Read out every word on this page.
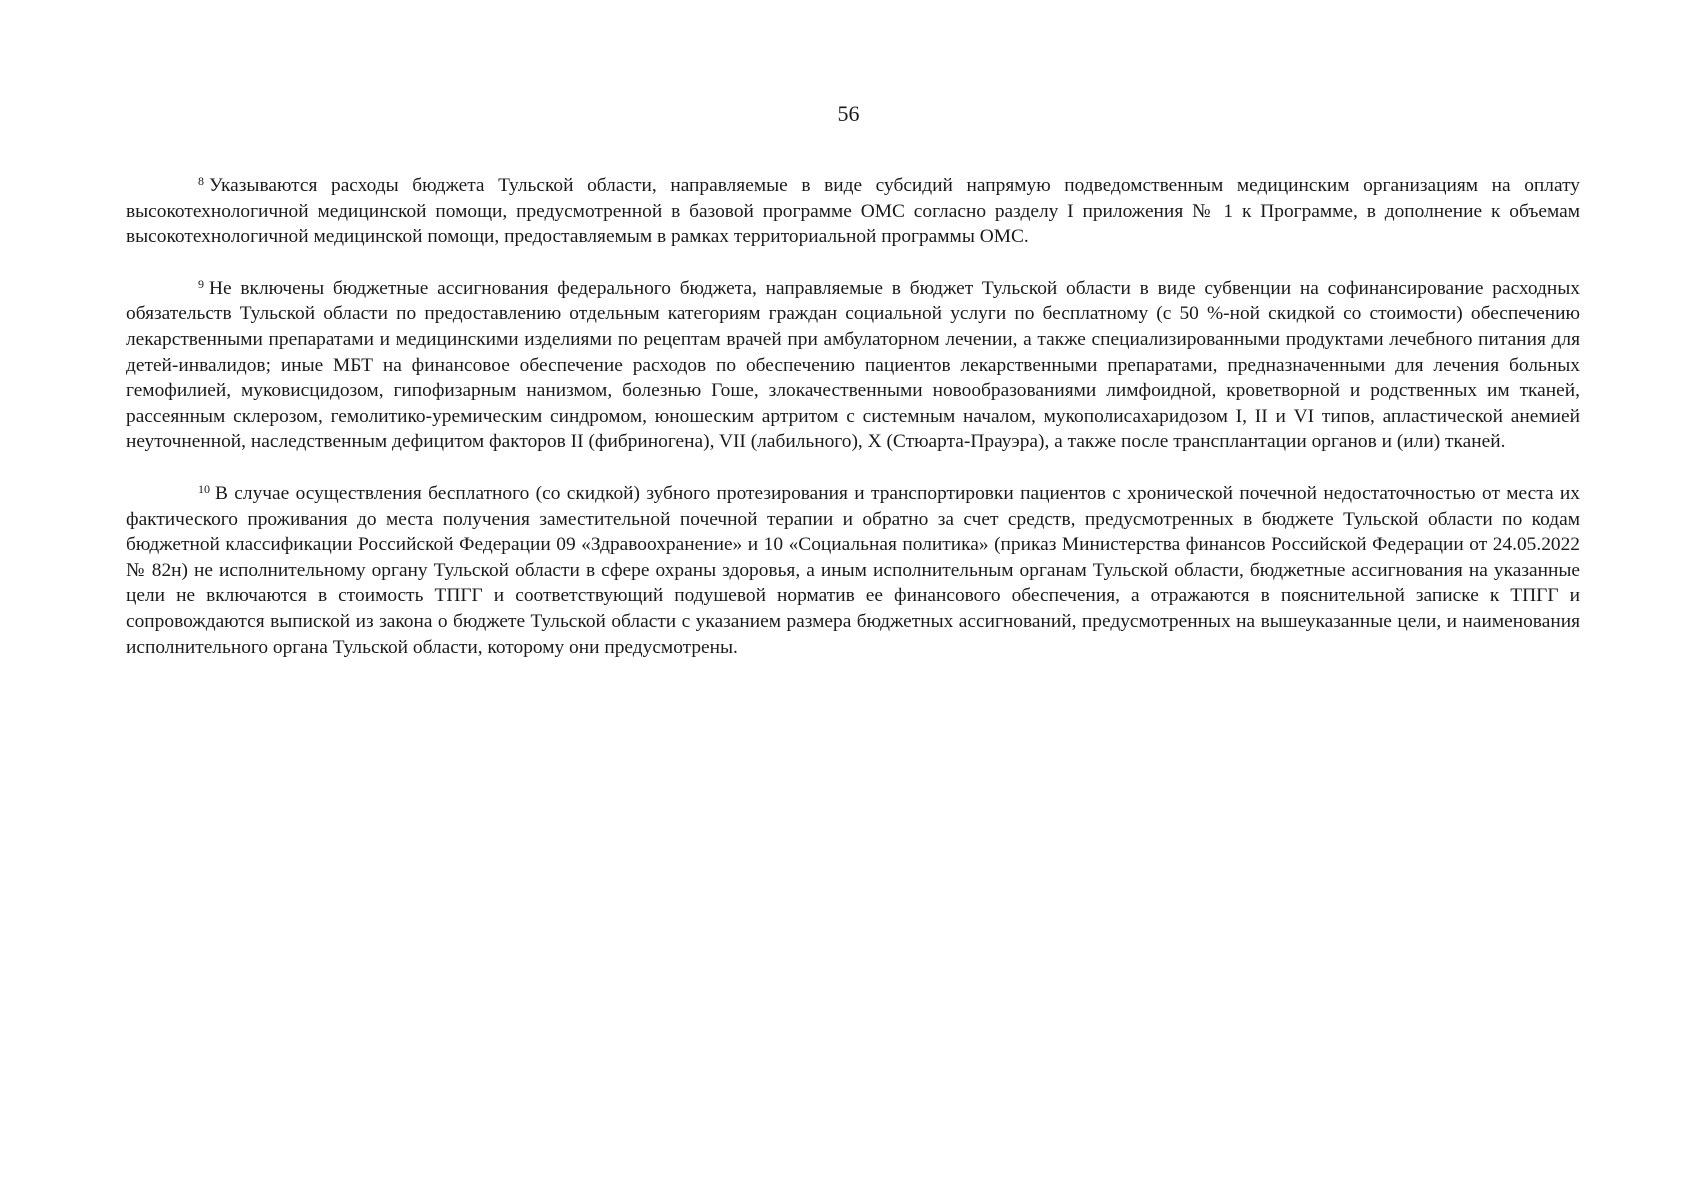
56

$^8$ Указываются расходы бюджета Тульской области, направляемые в виде субсидий напрямую подведомственным медицинским организациям на оплату высокотехнологичной медицинской помощи, предусмотренной в базовой программе ОМС согласно разделу I приложения № 1 к Программе, в дополнение к объемам высокотехнологичной медицинской помощи, предоставляемым в рамках территориальной программы ОМС.

$^9$ Не включены бюджетные ассигнования федерального бюджета, направляемые в бюджет Тульской области в виде субвенции на софинансирование расходных обязательств Тульской области по предоставлению отдельным категориям граждан социальной услуги по бесплатному (с 50 %-ной скидкой со стоимости) обеспечению лекарственными препаратами и медицинскими изделиями по рецептам врачей при амбулаторном лечении, а также специализированными продуктами лечебного питания для детей-инвалидов; иные МБТ на финансовое обеспечение расходов по обеспечению пациентов лекарственными препаратами, предназначенными для лечения больных гемофилией, муковисцидозом, гипофизарным нанизмом, болезнью Гоше, злокачественными новообразованиями лимфоидной, кроветворной и родственных им тканей, рассеянным склерозом, гемолитико-уремическим синдромом, юношеским артритом с системным началом, мукополисахаридозом I, II и VI типов, апластической анемией неуточненной, наследственным дефицитом факторов II (фибриногена), VII (лабильного), X (Стюарта-Прауэра), а также после трансплантации органов и (или) тканей.

$^{10}$ В случае осуществления бесплатного (со скидкой) зубного протезирования и транспортировки пациентов с хронической почечной недостаточностью от места их фактического проживания до места получения заместительной почечной терапии и обратно за счет средств, предусмотренных в бюджете Тульской области по кодам бюджетной классификации Российской Федерации 09 «Здравоохранение» и 10 «Социальная политика» (приказ Министерства финансов Российской Федерации от 24.05.2022 № 82н) не исполнительному органу Тульской области в сфере охраны здоровья, а иным исполнительным органам Тульской области, бюджетные ассигнования на указанные цели не включаются в стоимость ТПГГ и соответствующий подушевой норматив ее финансового обеспечения, а отражаются в пояснительной записке к ТПГГ и сопровождаются выпиской из закона о бюджете Тульской области с указанием размера бюджетных ассигнований, предусмотренных на вышеуказанные цели, и наименования исполнительного органа Тульской области, которому они предусмотрены.
